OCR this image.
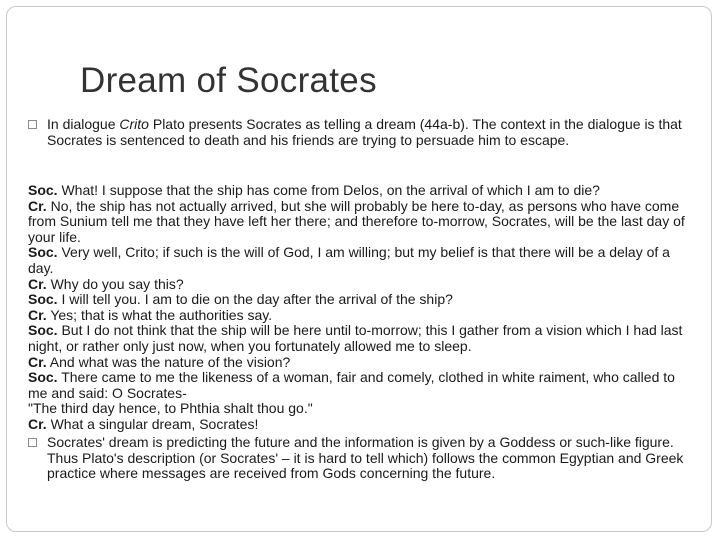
Dream of Socrates
In dialogue Crito Plato presents Socrates as telling a dream (44a-b). The context in the dialogue is that Socrates is sentenced to death and his friends are trying to persuade him to escape.
Soc. What! I suppose that the ship has come from Delos, on the arrival of which I am to die?
Cr. No, the ship has not actually arrived, but she will probably be here to-day, as persons who have come from Sunium tell me that they have left her there; and therefore to-morrow, Socrates, will be the last day of your life.
Soc. Very well, Crito; if such is the will of God, I am willing; but my belief is that there will be a delay of a day.
Cr. Why do you say this?
Soc. I will tell you. I am to die on the day after the arrival of the ship?
Cr. Yes; that is what the authorities say.
Soc. But I do not think that the ship will be here until to-morrow; this I gather from a vision which I had last night, or rather only just now, when you fortunately allowed me to sleep.
Cr. And what was the nature of the vision?
Soc. There came to me the likeness of a woman, fair and comely, clothed in white raiment, who called to me and said: O Socrates-
"The third day hence, to Phthia shalt thou go."
Cr. What a singular dream, Socrates!
Socrates' dream is predicting the future and the information is given by a Goddess or such-like figure. Thus Plato's description (or Socrates' – it is hard to tell which) follows the common Egyptian and Greek practice where messages are received from Gods concerning the future.
